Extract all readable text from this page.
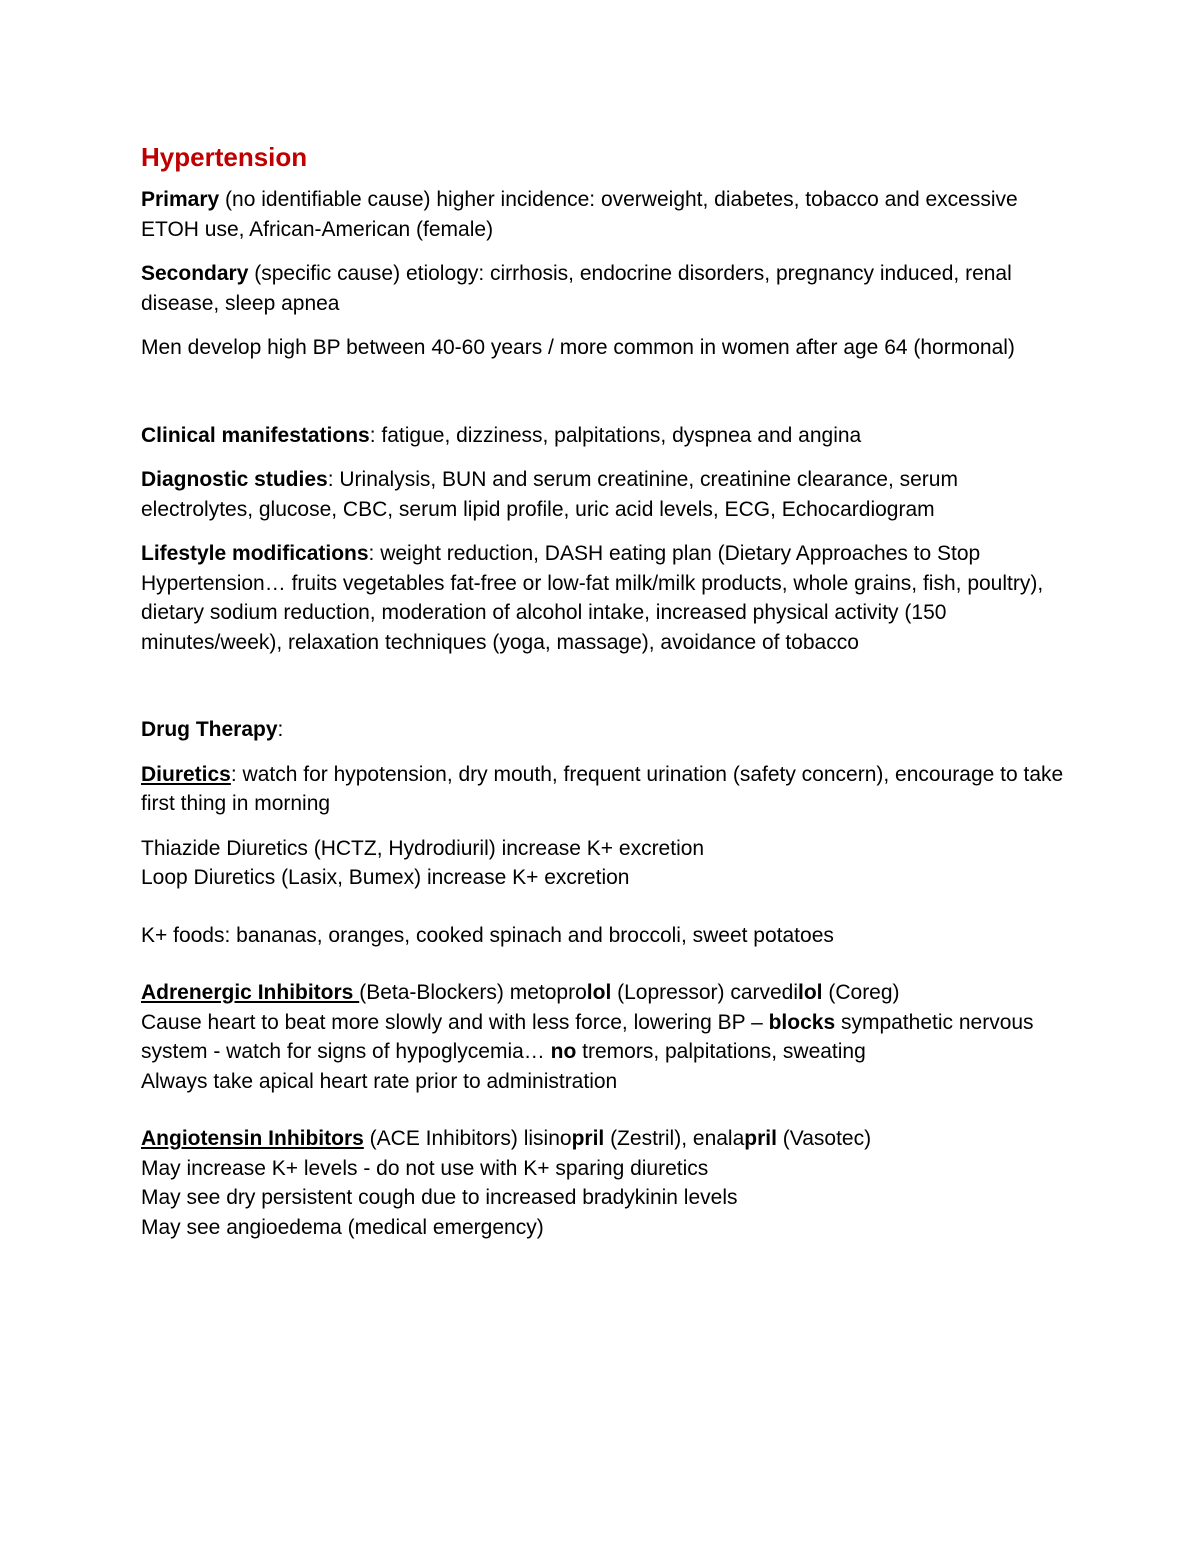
Hypertension

Primary (no identifiable cause) higher incidence: overweight, diabetes, tobacco and excessive ETOH use, African-American (female)

Secondary (specific cause) etiology: cirrhosis, endocrine disorders, pregnancy induced, renal disease, sleep apnea

Men develop high BP between 40-60 years / more common in women after age 64 (hormonal)

Clinical manifestations: fatigue, dizziness, palpitations, dyspnea and angina

Diagnostic studies: Urinalysis, BUN and serum creatinine, creatinine clearance, serum electrolytes, glucose, CBC, serum lipid profile, uric acid levels, ECG, Echocardiogram

Lifestyle modifications: weight reduction, DASH eating plan (Dietary Approaches to Stop Hypertension… fruits vegetables fat-free or low-fat milk/milk products, whole grains, fish, poultry), dietary sodium reduction, moderation of alcohol intake, increased physical activity (150 minutes/week), relaxation techniques (yoga, massage), avoidance of tobacco

Drug Therapy:

Diuretics: watch for hypotension, dry mouth, frequent urination (safety concern), encourage to take first thing in morning

Thiazide Diuretics (HCTZ, Hydrodiuril) increase K+ excretion
Loop Diuretics (Lasix, Bumex) increase K+ excretion

K+ foods: bananas, oranges, cooked spinach and broccoli, sweet potatoes

Adrenergic Inhibitors (Beta-Blockers) metoprolol (Lopressor) carvedilol (Coreg)
Cause heart to beat more slowly and with less force, lowering BP – blocks sympathetic nervous system - watch for signs of hypoglycemia… no tremors, palpitations, sweating
Always take apical heart rate prior to administration

Angiotensin Inhibitors (ACE Inhibitors) lisinopril (Zestril), enalapril (Vasotec)
May increase K+ levels - do not use with K+ sparing diuretics
May see dry persistent cough due to increased bradykinin levels
May see angioedema (medical emergency)
